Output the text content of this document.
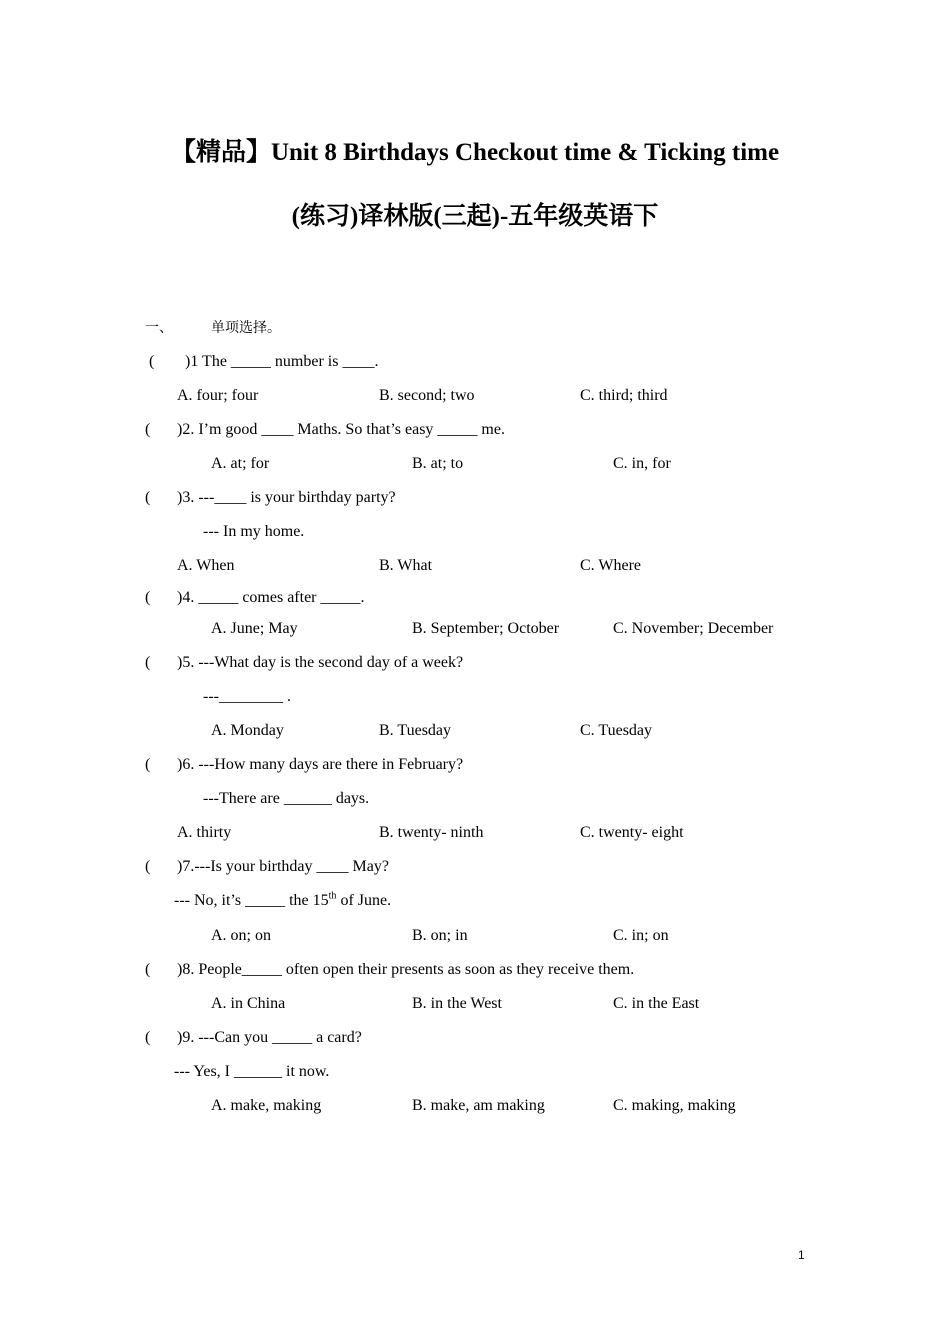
【精品】Unit 8 Birthdays Checkout time & Ticking time
(练习)译林版(三起)-五年级英语下
一、	单项选择。
( )1 The _____ number is ____.
A. four; four	B. second; two	C. third; third
( )2. I’m good ____ Maths. So that’s easy _____ me.
A. at; for	B. at; to	C. in, for
( )3. ---____ is your birthday party?
--- In my home.
A. When	B. What	C. Where
( )4. _____ comes after _____.
A. June; May	B. September; October	C. November; December
( )5. ---What day is the second day of a week?
---________ .
A. Monday	B. Tuesday	C. Tuesday
( )6. ---How many days are there in February?
---There are ______ days.
A. thirty	B. twenty- ninth	C. twenty- eight
( )7.---Is your birthday ____ May?
--- No, it’s _____ the 15th of June.
A. on; on	B. on; in	C. in; on
( )8. People_____ often open their presents as soon as they receive them.
A. in China	B. in the West	C. in the East
( )9. ---Can you _____ a card?
--- Yes, I ______ it now.
A. make, making	B. make, am making	C. making, making
1
